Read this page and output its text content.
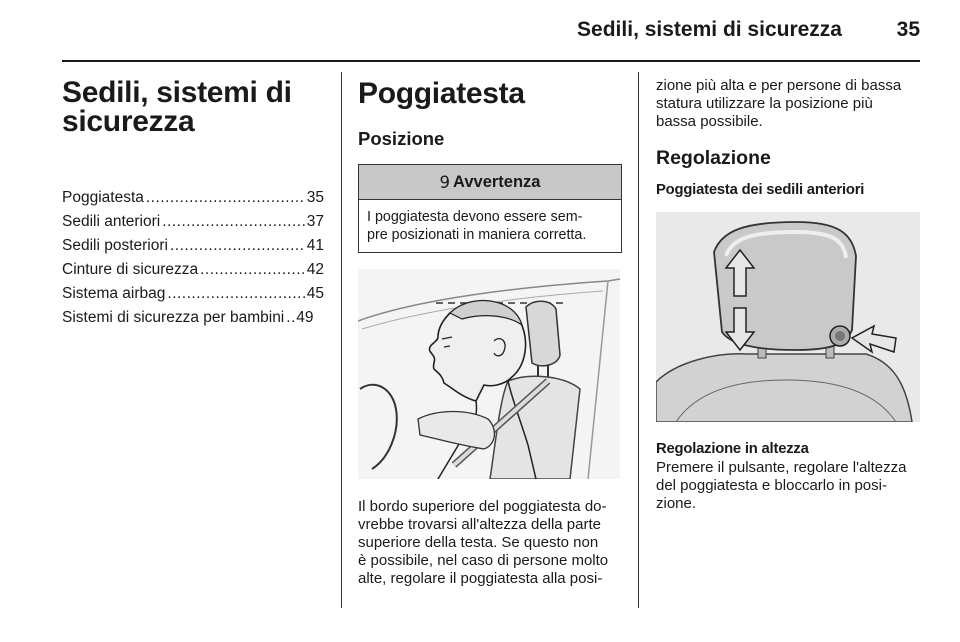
Sedili, sistemi di sicurezza	35
Sedili, sistemi di
sicurezza
Poggiatesta .....	35
Sedili anteriori .....	37
Sedili posteriori .....	41
Cinture di sicurezza .....	42
Sistema airbag .....	45
Sistemi di sicurezza per bambini ..... 49
Poggiatesta
Posizione
9 Avvertenza
I poggiatesta devono essere sem-
pre posizionati in maniera corretta.
Il bordo superiore del poggiatesta do-
vrebbe trovarsi all'altezza della parte
superiore della testa. Se questo non
è possibile, nel caso di persone molto
alte, regolare il poggiatesta alla posi-
zione più alta e per persone di bassa
statura utilizzare la posizione più
bassa possibile.
Regolazione
Poggiatesta dei sedili anteriori
Regolazione in altezza
Premere il pulsante, regolare l'altezza
del poggiatesta e bloccarlo in posi-
zione.
